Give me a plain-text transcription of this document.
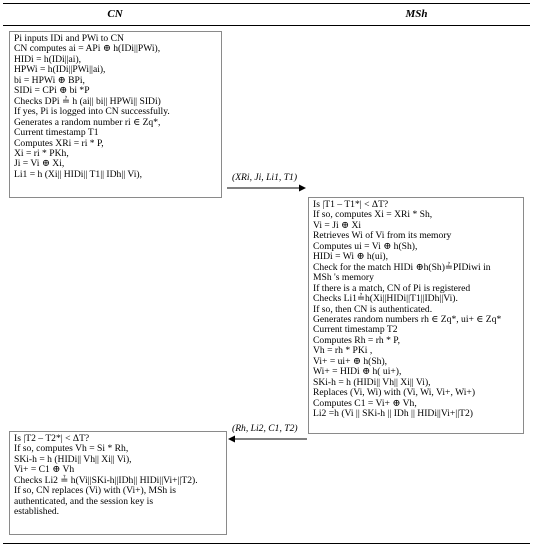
CN	MSh
Pi inputs IDi and PWi to CN
CN computes ai = APi ⊕ h(IDi||PWi),
HIDi = h(IDi||ai),
HPWi = h(IDi||PWi||ai),
bi = HPWi ⊕ BPi,
SIDi = CPi ⊕ bi *P
Checks DPi ≟ h (ai|| bi|| HPWi|| SIDi)
If yes, Pi is logged into CN successfully.
Generates a random number ri ∈ Zq*,
Current timestamp T1
Computes XRi = ri * P,
Xi = ri * PKh,
Ji = Vi ⊕ Xi,
Li1 = h (Xi|| HIDi|| T1|| IDh|| Vi),	(XRi, Ji, Li1, T1)
Is |T1 – T1*| < ΔT?
If so, computes Xi = XRi * Sh,
Vi = Ji ⊕ Xi
Retrieves Wi of Vi from its memory
Computes ui = Vi ⊕ h(Sh),
HIDi = Wi ⊕ h(ui),
Check for the match HIDi ⊕h(Sh)≟PIDiwi in
MSh 's memory
If there is a match, CN of Pi is registered
Checks Li1≟h(Xi||HIDi||T1||IDh||Vi).
If so, then CN is authenticated.
Generates random numbers rh ∈ Zq*, ui+ ∈ Zq*
Current timestamp T2
Computes Rh = rh * P,
Vh = rh * PKi ,
Vi+ = ui+ ⊕ h(Sh),
Wi+ = HIDi ⊕ h( ui+),
SKi-h = h (HIDi|| Vh|| Xi|| Vi),
Replaces (Vi, Wi) with (Vi, Wi, Vi+, Wi+)
Computes C1 = Vi+ ⊕ Vh,
Li2 =h (Vi || SKi-h || IDh || HIDi||Vi+||T2)
(Rh, Li2, C1, T2)
Is |T2 – T2*| < ΔT?
If so, computes Vh = Si * Rh,
SKi-h = h (HIDi|| Vh|| Xi|| Vi),
Vi+ = C1 ⊕ Vh
Checks Li2 ≟ h(Vi||SKi-h||IDh|| HIDi||Vi+||T2).
If so, CN replaces (Vi) with (Vi+), MSh is
authenticated, and the session key is
established.
